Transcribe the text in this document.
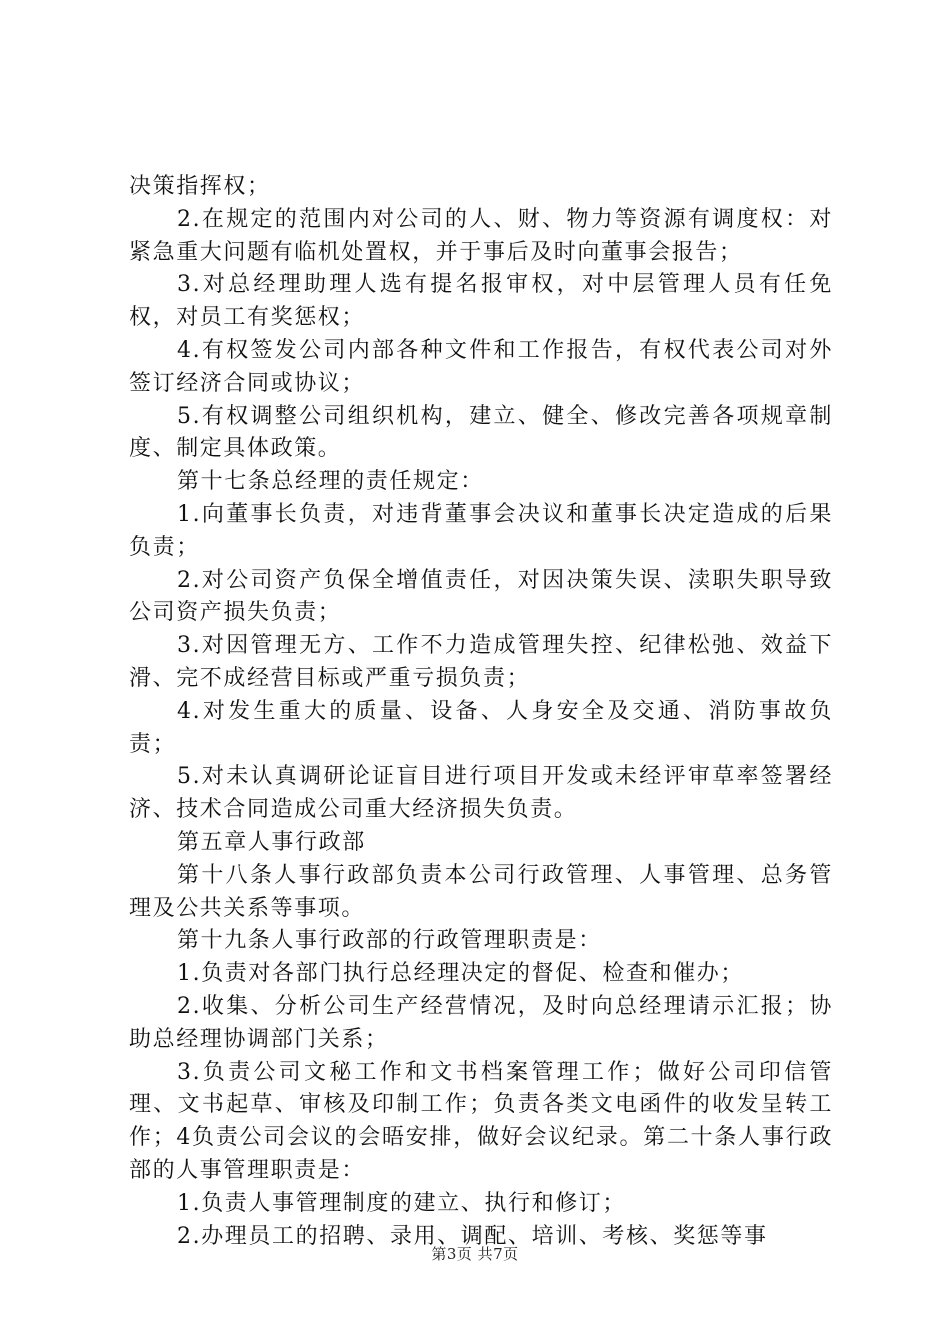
决策指挥权；

2.在规定的范围内对公司的人、财、物力等资源有调度权：对紧急重大问题有临机处置权，并于事后及时向董事会报告；

3.对总经理助理人选有提名报审权，对中层管理人员有任免权，对员工有奖惩权；

4.有权签发公司内部各种文件和工作报告，有权代表公司对外签订经济合同或协议；

5.有权调整公司组织机构，建立、健全、修改完善各项规章制度、制定具体政策。

第十七条总经理的责任规定：

1.向董事长负责，对违背董事会决议和董事长决定造成的后果负责；

2.对公司资产负保全增值责任，对因决策失误、渎职失职导致公司资产损失负责；

3.对因管理无方、工作不力造成管理失控、纪律松弛、效益下滑、完不成经营目标或严重亏损负责；

4.对发生重大的质量、设备、人身安全及交通、消防事故负责；

5.对未认真调研论证盲目进行项目开发或未经评审草率签署经济、技术合同造成公司重大经济损失负责。

第五章人事行政部

第十八条人事行政部负责本公司行政管理、人事管理、总务管理及公共关系等事项。

第十九条人事行政部的行政管理职责是：

1.负责对各部门执行总经理决定的督促、检查和催办；

2.收集、分析公司生产经营情况，及时向总经理请示汇报；协助总经理协调部门关系；

3.负责公司文秘工作和文书档案管理工作；做好公司印信管理、文书起草、审核及印制工作；负责各类文电函件的收发呈转工作；4负责公司会议的会晤安排，做好会议纪录。第二十条人事行政部的人事管理职责是：

1.负责人事管理制度的建立、执行和修订；

2.办理员工的招聘、录用、调配、培训、考核、奖惩等事

第3页 共7页
